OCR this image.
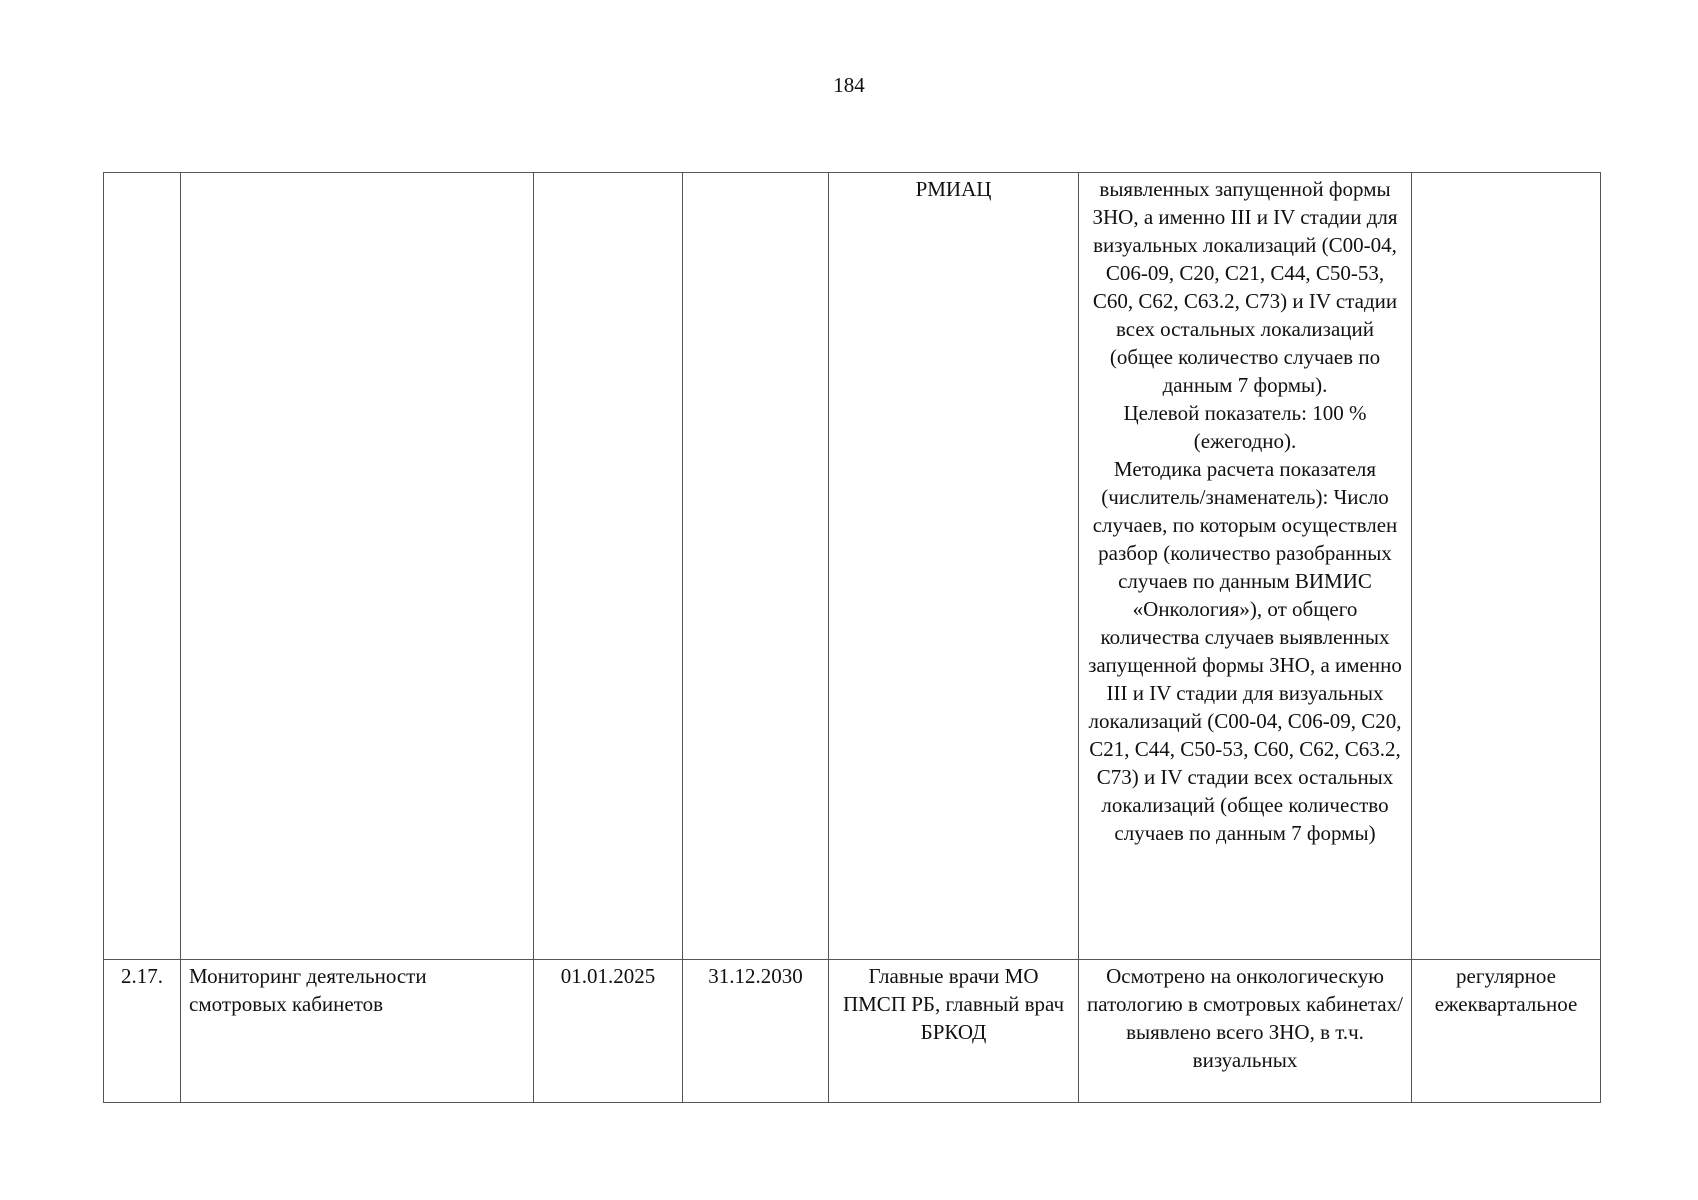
184
				РМИАЦ	выявленных запущенной формы ЗНО, а именно III и IV стадии для визуальных локализаций (C00-04, C06-09, C20, C21, C44, C50-53, C60, C62, C63.2, C73) и IV стадии всех остальных локализаций (общее количество случаев по данным 7 формы).
Целевой показатель: 100 % (ежегодно).
Методика расчета показателя (числитель/знаменатель): Число случаев, по которым осуществлен разбор (количество разобранных случаев по данным ВИМИС «Онкология»), от общего количества случаев выявленных запущенной формы ЗНО, а именно III и IV стадии для визуальных локализаций (C00-04, C06-09, C20, C21, C44, C50-53, C60, C62, C63.2, C73) и IV стадии всех остальных локализаций (общее количество случаев по данным 7 формы)	

2.17.	Мониторинг деятельности смотровых кабинетов	01.01.2025	31.12.2030	Главные врачи МО ПМСП РБ, главный врач БРКОД	Осмотрено на онкологическую патологию в смотровых кабинетах/выявлено всего ЗНО, в т.ч. визуальных	регулярное ежеквартальное
